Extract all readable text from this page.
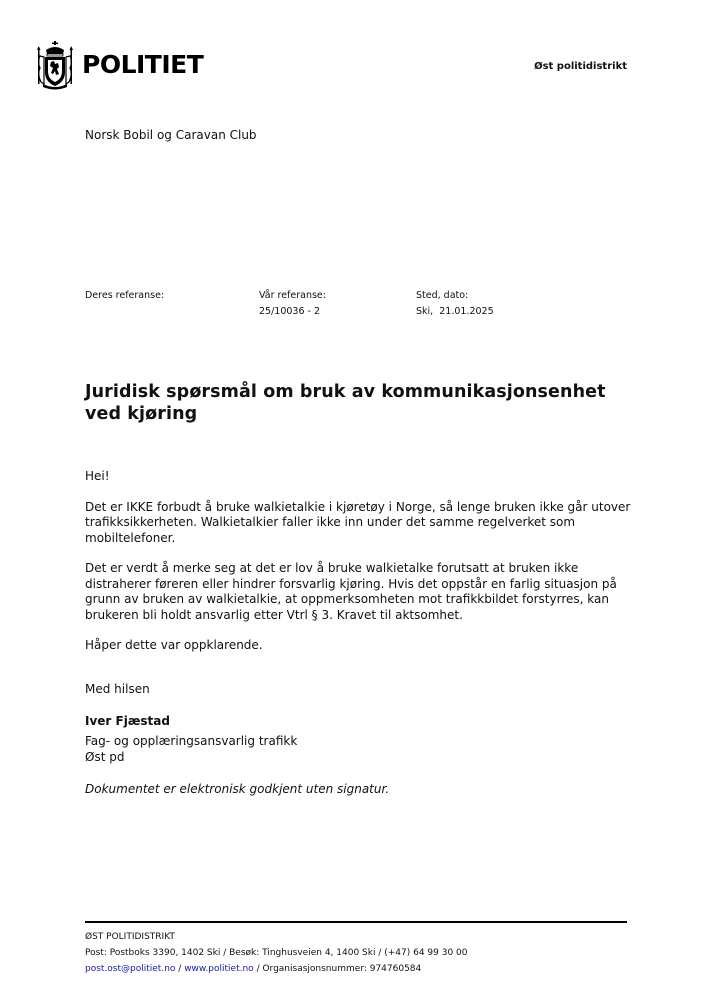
POLITIET	Øst politidistrikt
Norsk Bobil og Caravan Club
Deres referanse:	Vår referanse:
25/10036 - 2
Sted, dato:
Ski,  21.01.2025
Juridisk spørsmål om bruk av kommunikasjonsenhet ved kjøring

Hei!

Det er IKKE forbudt å bruke walkietalkie i kjøretøy i Norge, så lenge bruken ikke går utover trafikksikkerheten. Walkietalkier faller ikke inn under det samme regelverket som mobiltelefoner.

Det er verdt å merke seg at det er lov å bruke walkietalke forutsatt at bruken ikke distraherer føreren eller hindrer forsvarlig kjøring. Hvis det oppstår en farlig situasjon på grunn av bruken av walkietalkie, at oppmerksomheten mot trafikkbildet forstyrres, kan brukeren bli holdt ansvarlig etter Vtrl § 3. Kravet til aktsomhet.

Håper dette var oppklarende.

Med hilsen
Iver Fjæstad
Fag- og opplæringsansvarlig trafikk
Øst pd
Dokumentet er elektronisk godkjent uten signatur.
ØST POLITIDISTRIKT
Post: Postboks 3390, 1402 Ski / Besøk: Tinghusveien 4, 1400 Ski / (+47) 64 99 30 00
post.ost@politiet.no / www.politiet.no / Organisasjonsnummer: 974760584
